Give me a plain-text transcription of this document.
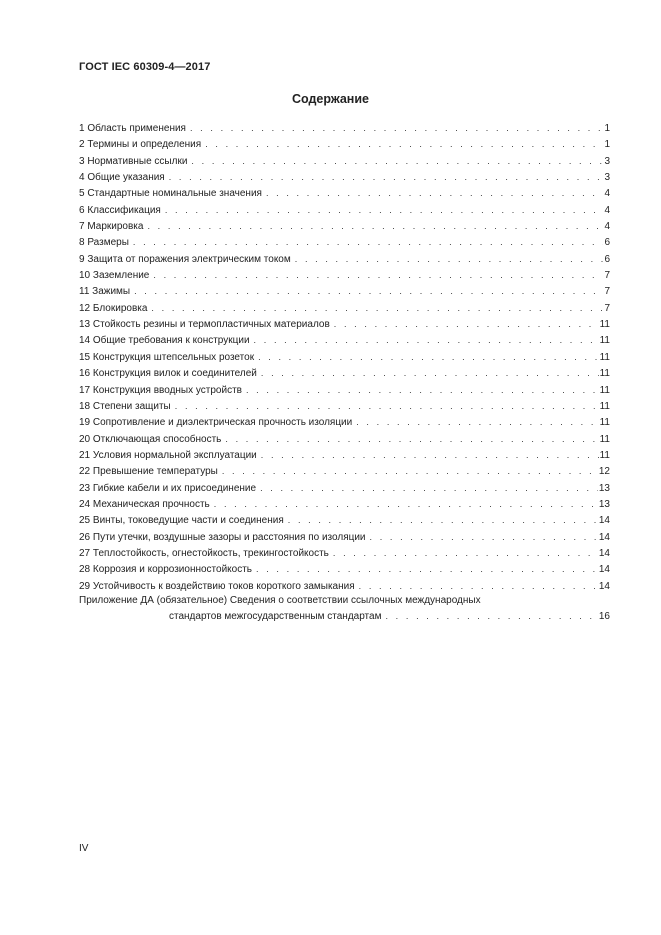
ГОСТ IEC 60309-4—2017
Содержание
1 Область применения . . .	1
2 Термины и определения . . .	1
3 Нормативные ссылки . . .	3
4 Общие указания . . .	3
5 Стандартные номинальные значения . . .	4
6 Классификация . . .	4
7 Маркировка . . .	4
8 Размеры . . .	6
9 Защита от поражения электрическим током . . .	6
10 Заземление . . .	7
11 Зажимы . . .	7
12 Блокировка . . .	7
13 Стойкость резины и термопластичных материалов . . .	11
14 Общие требования к конструкции . . .	11
15 Конструкция штепсельных розеток . . .	11
16 Конструкция вилок и соединителей . . .	11
17 Конструкция вводных устройств . . .	11
18 Степени защиты . . .	11
19 Сопротивление и диэлектрическая прочность изоляции . . .	11
20 Отключающая способность . . .	11
21 Условия нормальной эксплуатации . . .	11
22 Превышение температуры . . .	12
23 Гибкие кабели и их присоединение . . .	13
24 Механическая прочность . . .	13
25 Винты, токоведущие части и соединения . . .	14
26 Пути утечки, воздушные зазоры и расстояния по изоляции . . .	14
27 Теплостойкость, огнестойкость, трекингостойкость . . .	14
28 Коррозия и коррозионностойкость . . .	14
29 Устойчивость к воздействию токов короткого замыкания . . .	14
Приложение ДА (обязательное) Сведения о соответствии ссылочных международных
стандартов межгосударственным стандартам . . .	16
IV
